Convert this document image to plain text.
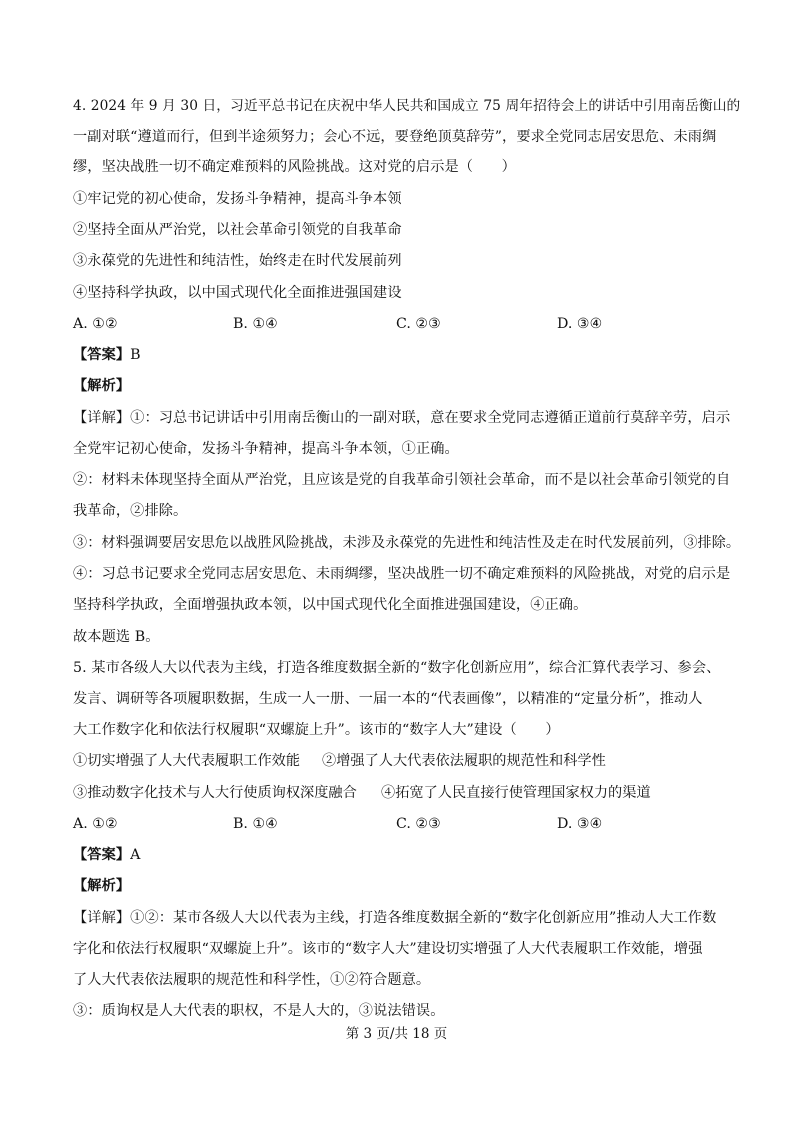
4. 2024 年 9 月 30 日，习近平总书记在庆祝中华人民共和国成立 75 周年招待会上的讲话中引用南岳衡山的
一副对联“遵道而行，但到半途须努力；会心不远，要登绝顶莫辞劳”，要求全党同志居安思危、未雨绸
缪，坚决战胜一切不确定难预料的风险挑战。这对党的启示是（　　）
①牢记党的初心使命，发扬斗争精神，提高斗争本领
②坚持全面从严治党，以社会革命引领党的自我革命
③永葆党的先进性和纯洁性，始终走在时代发展前列
④坚持科学执政，以中国式现代化全面推进强国建设
A. ①②	B. ①④	C. ②③	D. ③④
【答案】B
【解析】
【详解】①：习总书记讲话中引用南岳衡山的一副对联，意在要求全党同志遵循正道前行莫辞辛劳，启示
全党牢记初心使命，发扬斗争精神，提高斗争本领，①正确。
②：材料未体现坚持全面从严治党，且应该是党的自我革命引领社会革命，而不是以社会革命引领党的自
我革命，②排除。
③：材料强调要居安思危以战胜风险挑战，未涉及永葆党的先进性和纯洁性及走在时代发展前列，③排除。
④：习总书记要求全党同志居安思危、未雨绸缪，坚决战胜一切不确定难预料的风险挑战，对党的启示是
坚持科学执政，全面增强执政本领，以中国式现代化全面推进强国建设，④正确。
故本题选 B。
5. 某市各级人大以代表为主线，打造各维度数据全新的“数字化创新应用”，综合汇算代表学习、参会、
发言、调研等各项履职数据，生成一人一册、一届一本的“代表画像”，以精准的“定量分析”，推动人
大工作数字化和依法行权履职“双螺旋上升”。该市的“数字人大”建设（　　）
①切实增强了人大代表履职工作效能 ②增强了人大代表依法履职的规范性和科学性
③推动数字化技术与人大行使质询权深度融合 ④拓宽了人民直接行使管理国家权力的渠道
A. ①②	B. ①④	C. ②③	D. ③④
【答案】A
【解析】
【详解】①②：某市各级人大以代表为主线，打造各维度数据全新的“数字化创新应用”推动人大工作数
字化和依法行权履职“双螺旋上升”。该市的“数字人大”建设切实增强了人大代表履职工作效能，增强
了人大代表依法履职的规范性和科学性，①②符合题意。
③：质询权是人大代表的职权，不是人大的，③说法错误。
第 3 页/共 18 页
